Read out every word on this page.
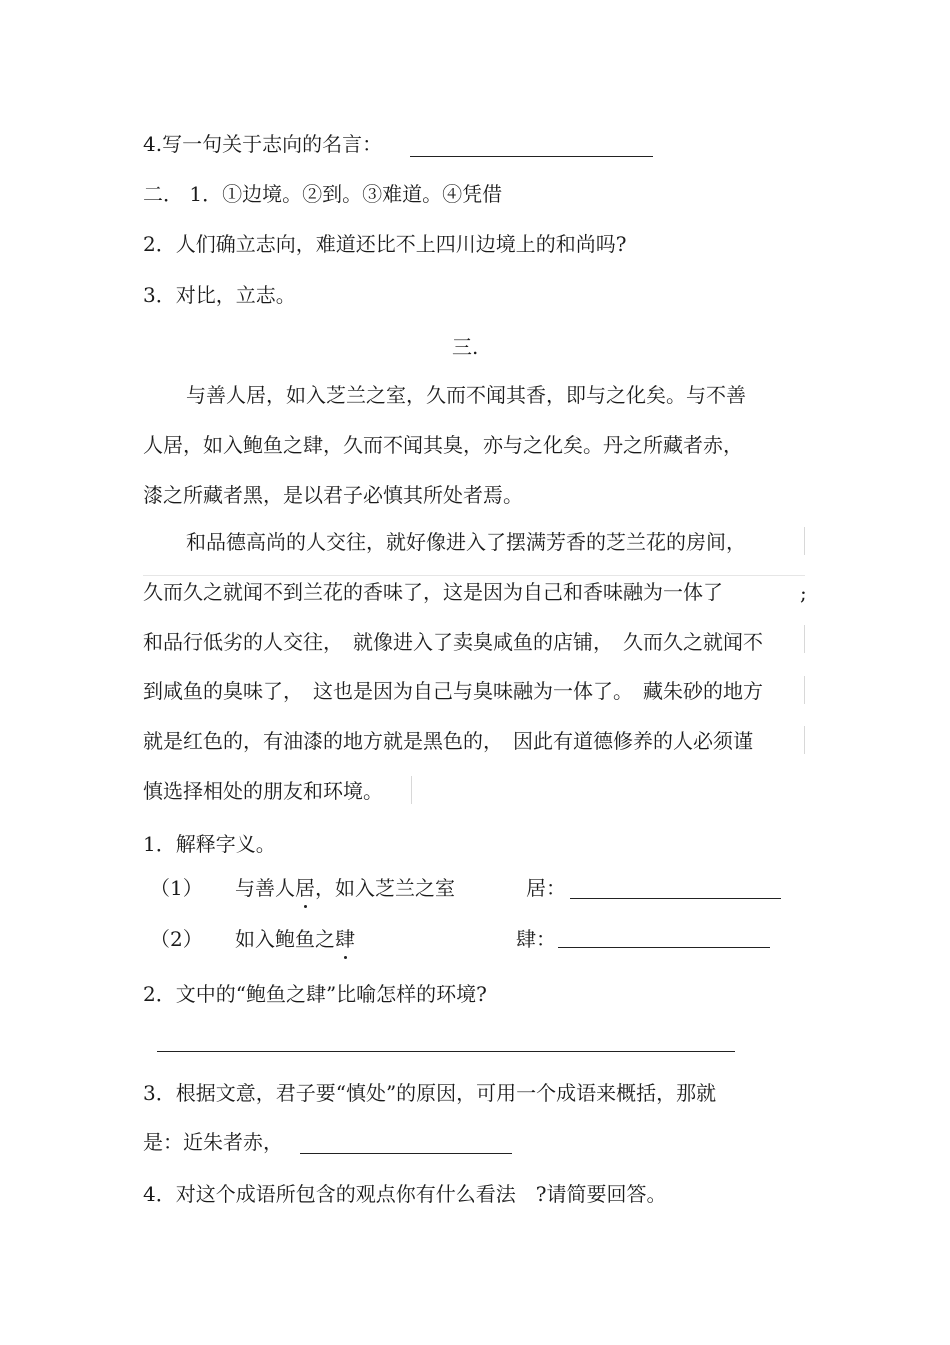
4.写一句关于志向的名言：
二． 1．①边境。②到。③难道。④凭借
2．人们确立志向，难道还比不上四川边境上的和尚吗?
3．对比，立志。
三.
与善人居，如入芝兰之室，久而不闻其香，即与之化矣。与不善
人居，如入鲍鱼之肆，久而不闻其臭，亦与之化矣。丹之所藏者赤，
漆之所藏者黑，是以君子必慎其所处者焉。
和品德高尚的人交往，就好像进入了摆满芳香的芝兰花的房间，
久而久之就闻不到兰花的香味了，这是因为自己和香味融为一体了	;
和品行低劣的人交往，　就像进入了卖臭咸鱼的店铺，　久而久之就闻不
到咸鱼的臭味了，　这也是因为自己与臭味融为一体了。　藏朱砂的地方
就是红色的，有油漆的地方就是黑色的，　因此有道德修养的人必须谨
慎选择相处的朋友和环境。
1．解释字义。
（1） 与善人居，如入芝兰之室	居：
（2） 如入鲍鱼之肆	肆：
2．文中的“鲍鱼之肆”比喻怎样的环境?
3．根据文意，君子要“慎处”的原因，可用一个成语来概括，那就
是：近朱者赤，
4．对这个成语所包含的观点你有什么看法　?请简要回答。
